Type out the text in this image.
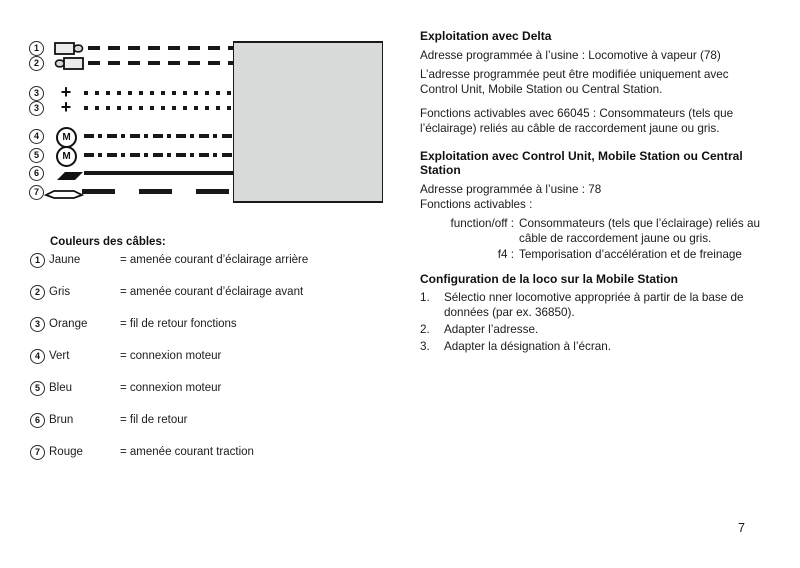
1
2
3 +
3 +
4	M
5	M
6
7
Couleurs des câbles:
1 Jaune	= amenée courant d’éclairage arrière
2 Gris	= amenée courant d’éclairage avant
3 Orange	= fil de retour fonctions
4 Vert	= connexion moteur
5 Bleu	= connexion moteur
6 Brun	= fil de retour
7 Rouge	= amenée courant traction
Exploitation avec Delta

Adresse programmée à l’usine : Locomotive à vapeur (78)

L’adresse programmée peut être modifiée uniquement avec Control Unit, Mobile Station ou Central Station.

Fonctions activables avec 66045 : Consommateurs (tels que l’éclairage) reliés au câble de raccordement jaune ou gris.

Exploitation avec Control Unit, Mobile Station ou Central Station

Adresse programmée à l’usine : 78

Fonctions activables :

function/off : Consommateurs (tels que l’éclairage) reliés au câble de raccordement jaune ou gris.
f4 : Temporisation d’accélération et de freinage
Configuration de la loco sur la Mobile Station
1.	Sélectio nner locomotive appropriée à partir de la base de données (par ex. 36850).
2.	Adapter l’adresse.
3.	Adapter la désignation à l’écran.
7
